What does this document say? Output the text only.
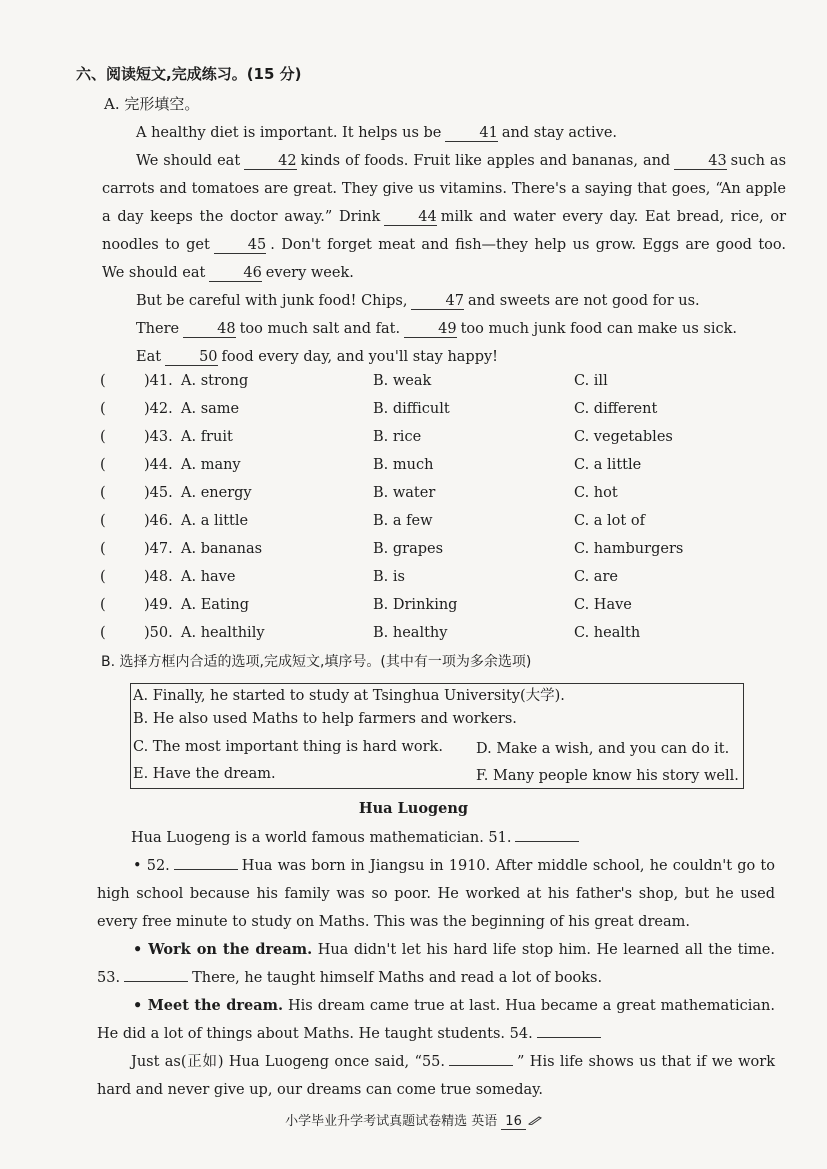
六、阅读短文,完成练习。(15 分)
A. 完形填空。
A healthy diet is important. It helps us be	41 and stay active.
We should eat	42 kinds of foods. Fruit like apples and bananas, and	43 such as carrots and tomatoes are great. They give us vitamins. There's a saying that goes, “An apple a day keeps the doctor away.” Drink	44 milk and water every day. Eat bread, rice, or noodles to get	45 . Don't forget meat and fish—they help us grow. Eggs are good too. We should eat	46 every week.
But be careful with junk food! Chips,	47 and sweets are not good for us.
There	48 too much salt and fat.	49 too much junk food can make us sick.
Eat	50 food every day, and you'll stay happy!
(	)41. A. strong	B. weak	C. ill
(	)42. A. same	B. difficult	C. different
(	)43. A. fruit	B. rice	C. vegetables
(	)44. A. many	B. much	C. a little
(	)45. A. energy	B. water	C. hot
(	)46. A. a little	B. a few	C. a lot of
(	)47. A. bananas	B. grapes	C. hamburgers
(	)48. A. have	B. is	C. are
(	)49. A. Eating	B. Drinking	C. Have
(	)50. A. healthily	B. healthy	C. health
B. 选择方框内合适的选项,完成短文,填序号。(其中有一项为多余选项)
A. Finally, he started to study at Tsinghua University(大学).
B. He also used Maths to help farmers and workers.
C. The most important thing is hard work. D. Make a wish, and you can do it.
E. Have the dream.	F. Many people know his story well.
Hua Luogeng
Hua Luogeng is a world famous mathematician. 51.
• 52.	Hua was born in Jiangsu in 1910. After middle school, he couldn't go to high school because his family was so poor. He worked at his father's shop, but he used every free minute to study on Maths. This was the beginning of his great dream.
• Work on the dream. Hua didn't let his hard life stop him. He learned all the time. 53.	There, he taught himself Maths and read a lot of books.
• Meet the dream. His dream came true at last. Hua became a great mathematician. He did a lot of things about Maths. He taught students. 54.
Just as(正如) Hua Luogeng once said, “55.	” His life shows us that if we work hard and never give up, our dreams can come true someday.
小学毕业升学考试真题试卷精选 英语 16
